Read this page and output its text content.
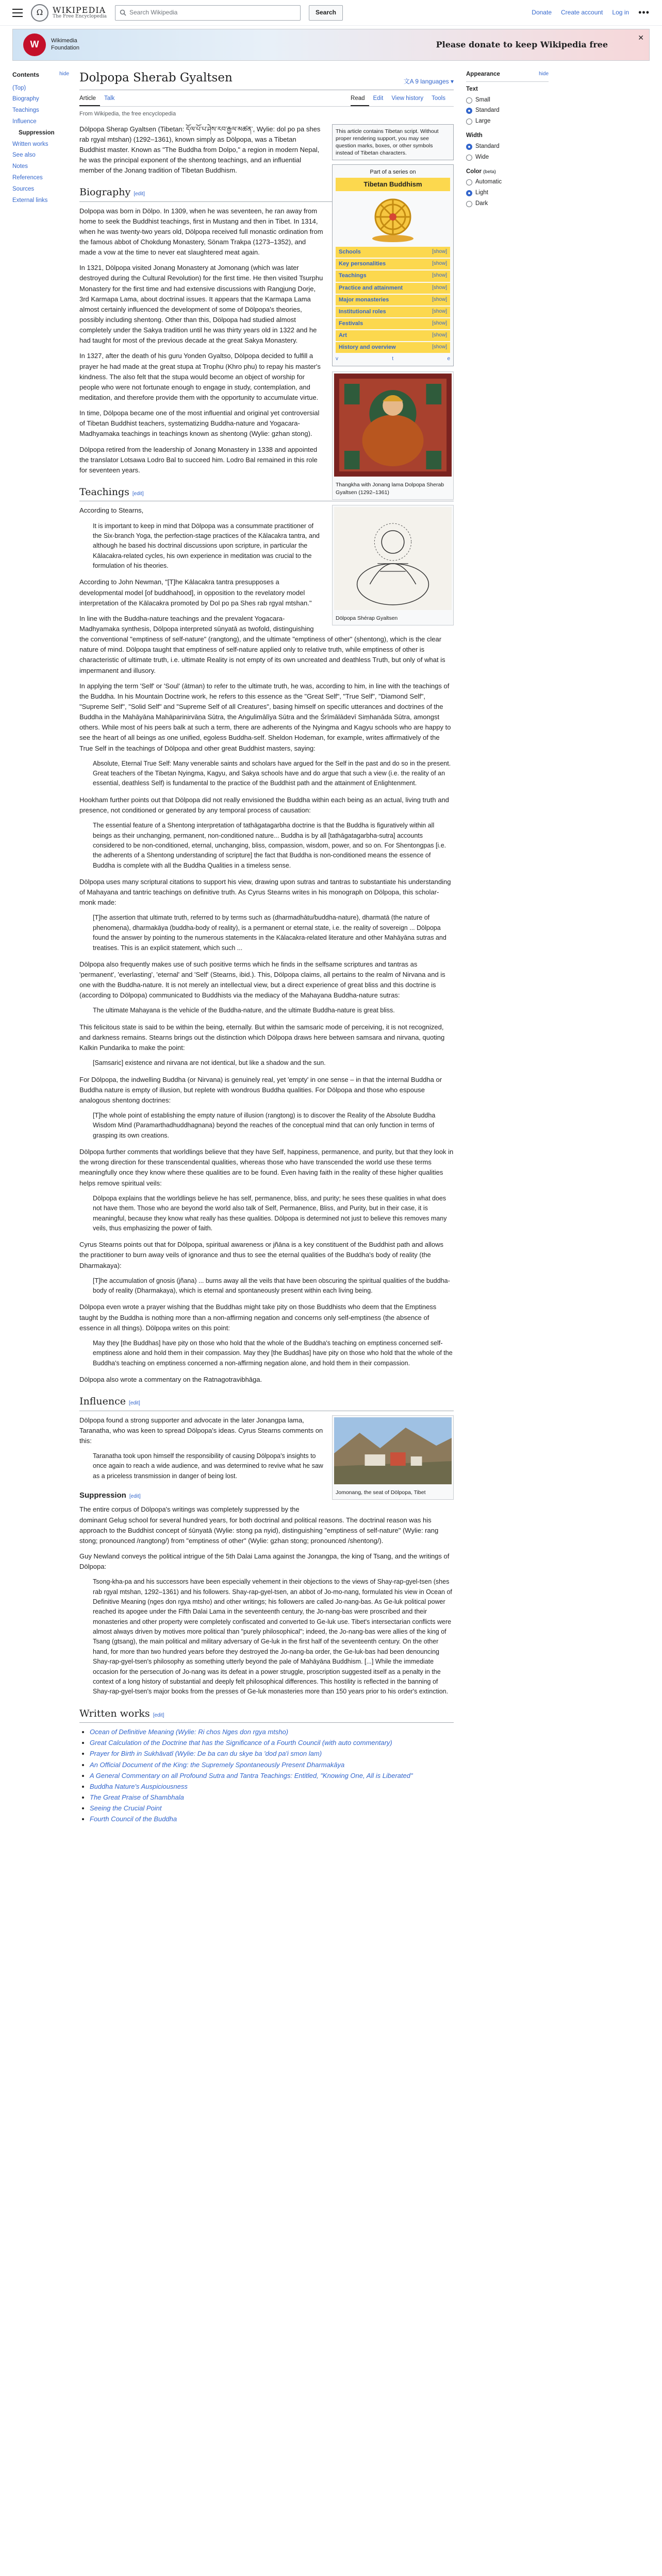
Ω	WIKIPEDIA
The Free Encyclopedia
Search Wikipedia	Search	Donate Create account Log in •••
W	Wikimedia
Foundation	Please donate to keep Wikipedia free
✕
Contents	hide
(Top)
Biography
Teachings
Influence
Suppression
Written works
See also
Notes
References
Sources
External links
Dolpopa Sherab Gyaltsen	文A 9 languages ▾
Article	Talk	Read	Edit	View history	Tools
From Wikipedia, the free encyclopedia
This article contains Tibetan script. Without proper rendering support, you may see question marks, boxes, or other symbols instead of Tibetan characters.
Part of a series on
Tibetan Buddhism
Schools	[show]
Key personalities	[show]
Teachings	[show]
Practice and attainment	[show]
Major monasteries	[show]
Institutional roles	[show]
Festivals	[show]
Art	[show]
History and overview	[show]
v	t	e
Thangkha with Jonang lama Dolpopa Sherab Gyaltsen (1292–1361)
Dölpopa Shérap Gyaltsen

Dölpopa Sherap Gyaltsen (Tibetan: དོལ་པོ་པ་ཤེས་རབ་རྒྱལ་མཚན་, Wylie: dol po pa shes rab rgyal mtshan) (1292–1361), known simply as Dölpopa, was a Tibetan Buddhist master. Known as "The Buddha from Dolpo," a region in modern Nepal, he was the principal exponent of the shentong teachings, and an influential member of the Jonang tradition of Tibetan Buddhism.

Biography [edit]

Dolpopa was born in Dölpo. In 1309, when he was seventeen, he ran away from home to seek the Buddhist teachings, first in Mustang and then in Tibet. In 1314, when he was twenty-two years old, Dölpopa received full monastic ordination from the famous abbot of Chokdung Monastery, Sönam Trakpa (1273–1352), and made a vow at the time to never eat slaughtered meat again.

In 1321, Dölpopa visited Jonang Monastery at Jomonang (which was later destroyed during the Cultural Revolution) for the first time. He then visited Tsurphu Monastery for the first time and had extensive discussions with Rangjung Dorje, 3rd Karmapa Lama, about doctrinal issues. It appears that the Karmapa Lama almost certainly influenced the development of some of Dölpopa's theories, possibly including shentong. Other than this, Dölpopa had studied almost completely under the Sakya tradition until he was thirty years old in 1322 and he had taught for most of the previous decade at the great Sakya Monastery.

In 1327, after the death of his guru Yonden Gyaltso, Dölpopa decided to fulfill a prayer he had made at the great stupa at Trophu (Khro phu) to repay his master's kindness. The also felt that the stupa would become an object of worship for people who were not fortunate enough to engage in study, contemplation, and meditation, and therefore provide them with the opportunity to accumulate virtue.

In time, Dölpopa became one of the most influential and original yet controversial of Tibetan Buddhist teachers, systematizing Buddha-nature and Yogacara-Madhyamaka teachings in teachings known as shentong (Wylie: gzhan stong).

Dölpopa retired from the leadership of Jonang Monastery in 1338 and appointed the translator Lotsawa Lodro Bal to succeed him. Lodro Bal remained in this role for seventeen years.

Teachings [edit]

According to Stearns,

It is important to keep in mind that Dölpopa was a consummate practitioner of the Six-branch Yoga, the perfection-stage practices of the Kālacakra tantra, and although he based his doctrinal discussions upon scripture, in particular the Kālacakra-related cycles, his own experience in meditation was crucial to the formulation of his theories.

According to John Newman, "[T]he Kālacakra tantra presupposes a developmental model [of buddhahood], in opposition to the revelatory model interpretation of the Kālacakra promoted by Dol po pa Shes rab rgyal mtshan."

In line with the Buddha-nature teachings and the prevalent Yogacara-Madhyamaka synthesis, Dölpopa interpreted sūnyatā as twofold, distinguishing the conventional "emptiness of self-nature" (rangtong), and the ultimate "emptiness of other" (shentong), which is the clear nature of mind. Dölpopa taught that emptiness of self-nature applied only to relative truth, while emptiness of other is characteristic of ultimate truth, i.e. ultimate Reality is not empty of its own uncreated and deathless Truth, but only of what is impermanent and illusory.

In applying the term 'Self' or 'Soul' (ātman) to refer to the ultimate truth, he was, according to him, in line with the teachings of the Buddha. In his Mountain Doctrine work, he refers to this essence as the "Great Self", "True Self", "Diamond Self", "Supreme Self", "Solid Self" and "Supreme Self of all Creatures", basing himself on specific utterances and doctrines of the Buddha in the Mahāyāna Mahāparinirvāṇa Sūtra, the Aṅgulimālīya Sūtra and the Śrīmālādevī Siṃhanāda Sūtra, amongst others. While most of his peers balk at such a term, there are adherents of the Nyingma and Kagyu schools who are happy to see the heart of all beings as one unified, egoless Buddha-self. Sheldon Hodeman, for example, writes affirmatively of the True Self in the teachings of Dölpopa and other great Buddhist masters, saying:

Absolute, Eternal True Self: Many venerable saints and scholars have argued for the Self in the past and do so in the present. Great teachers of the Tibetan Nyingma, Kagyu, and Sakya schools have and do argue that such a view (i.e. the reality of an essential, deathless Self) is fundamental to the practice of the Buddhist path and the attainment of Enlightenment.

Hookham further points out that Dölpopa did not really envisioned the Buddha within each being as an actual, living truth and presence, not conditioned or generated by any temporal process of causation:

The essential feature of a Shentong interpretation of tathāgatagarbha doctrine is that the Buddha is figuratively within all beings as their unchanging, permanent, non-conditioned nature... Buddha is by all [tathāgatagarbha-sutra] accounts considered to be non-conditioned, eternal, unchanging, bliss, compassion, wisdom, power, and so on. For Shentongpas [i.e. the adherents of a Shentong understanding of scripture] the fact that Buddha is non-conditioned means the essence of Buddha is complete with all the Buddha Qualities in a timeless sense.

Dölpopa uses many scriptural citations to support his view, drawing upon sutras and tantras to substantiate his understanding of Mahayana and tantric teachings on definitive truth. As Cyrus Stearns writes in his monograph on Dölpopa, this scholar-monk made:

[T]he assertion that ultimate truth, referred to by terms such as (dharmadhātu/buddha-nature), dharmatā (the nature of phenomena), dharmakāya (buddha-body of reality), is a permanent or eternal state, i.e. the reality of sovereign ... Dölpopa found the answer by pointing to the numerous statements in the Kālacakra-related literature and other Mahāyāna sutras and treatises. This is an explicit statement, which such ...

Dölpopa also frequently makes use of such positive terms which he finds in the selfsame scriptures and tantras as 'permanent', 'everlasting', 'eternal' and 'Self' (Stearns, ibid.). This, Dölpopa claims, all pertains to the realm of Nirvana and is one with the Buddha-nature. It is not merely an intellectual view, but a direct experience of great bliss and this doctrine is (according to Dölpopa) communicated to Buddhists via the mediacy of the Mahayana Buddha-nature sutras:

The ultimate Mahayana is the vehicle of the Buddha-nature, and the ultimate Buddha-nature is great bliss.

This felicitous state is said to be within the being, eternally. But within the samsaric mode of perceiving, it is not recognized, and darkness remains. Stearns brings out the distinction which Dölpopa draws here between samsara and nirvana, quoting Kalkin Pundarika to make the point:

[Samsaric] existence and nirvana are not identical, but like a shadow and the sun.

For Dölpopa, the indwelling Buddha (or Nirvana) is genuinely real, yet 'empty' in one sense – in that the internal Buddha or Buddha nature is empty of illusion, but replete with wondrous Buddha qualities. For Dölpopa and those who espouse analogous shentong doctrines:

[T]he whole point of establishing the empty nature of illusion (rangtong) is to discover the Reality of the Absolute Buddha Wisdom Mind (Paramarthadhuddhagnana) beyond the reaches of the conceptual mind that can only function in terms of grasping its own creations.

Dölpopa further comments that worldlings believe that they have Self, happiness, permanence, and purity, but that they look in the wrong direction for these transcendental qualities, whereas those who have transcended the world use these terms meaningfully once they know where these qualities are to be found. Even having faith in the reality of these higher qualities helps remove spiritual veils:

Dölpopa explains that the worldlings believe he has self, permanence, bliss, and purity; he sees these qualities in what does not have them. Those who are beyond the world also talk of Self, Permanence, Bliss, and Purity, but in their case, it is meaningful, because they know what really has these qualities. Dölpopa is determined not just to believe this removes many veils, thus emphasizing the power of faith.

Cyrus Stearns points out that for Dölpopa, spiritual awareness or jñāna is a key constituent of the Buddhist path and allows the practitioner to burn away veils of ignorance and thus to see the eternal qualities of the Buddha's body of reality (the Dharmakaya):

[T]he accumulation of gnosis (jñana) ... burns away all the veils that have been obscuring the spiritual qualities of the buddha-body of reality (Dharmakaya), which is eternal and spontaneously present within each living being.

Dölpopa even wrote a prayer wishing that the Buddhas might take pity on those Buddhists who deem that the Emptiness taught by the Buddha is nothing more than a non-affirming negation and concerns only self-emptiness (the absence of essence in all things). Dölpopa writes on this point:

May they [the Buddhas] have pity on those who hold that the whole of the Buddha's teaching on emptiness concerned self-emptiness alone and hold them in their compassion. May they [the Buddhas] have pity on those who hold that the whole of the Buddha's teaching on emptiness concerned a non-affirming negation alone, and hold them in their compassion.

Dölpopa also wrote a commentary on the Ratnagotravibhāga.

Influence [edit]
Jomonang, the seat of Dölpopa, Tibet

Dölpopa found a strong supporter and advocate in the later Jonangpa lama, Taranatha, who was keen to spread Dölpopa's ideas. Cyrus Stearns comments on this:

Taranatha took upon himself the responsibility of causing Dölpopa's insights to once again to reach a wide audience, and was determined to revive what he saw as a priceless transmission in danger of being lost.
Suppression [edit]

The entire corpus of Dölpopa's writings was completely suppressed by the dominant Gelug school for several hundred years, for both doctrinal and political reasons. The doctrinal reason was his approach to the Buddhist concept of śūnyatā (Wylie: stong pa nyid), distinguishing "emptiness of self-nature" (Wylie: rang stong; pronounced /rangtong/) from "emptiness of other" (Wylie: gzhan stong; pronounced /shentong/).

Guy Newland conveys the political intrigue of the 5th Dalai Lama against the Jonangpa, the king of Tsang, and the writings of Dölpopa:

Tsong-kha-pa and his successors have been especially vehement in their objections to the views of Shay-rap-gyel-tsen (shes rab rgyal mtshan, 1292–1361) and his followers. Shay-rap-gyel-tsen, an abbot of Jo-mo-nang, formulated his view in Ocean of Definitive Meaning (nges don rgya mtsho) and other writings; his followers are called Jo-nang-bas. As Ge-luk political power reached its apogee under the Fifth Dalai Lama in the seventeenth century, the Jo-nang-bas were proscribed and their monasteries and other property were completely confiscated and converted to Ge-luk use. Tibet's intersectarian conflicts were almost always driven by motives more political than "purely philosophical"; indeed, the Jo-nang-bas were allies of the king of Tsang (gtsang), the main political and military adversary of Ge-luk in the first half of the seventeenth century. On the other hand, for more than two hundred years before they destroyed the Jo-nang-ba order, the Ge-luk-bas had been denouncing Shay-rap-gyel-tsen's philosophy as something utterly beyond the pale of Mahāyāna Buddhism. [...] While the immediate occasion for the persecution of Jo-nang was its defeat in a power struggle, proscription suggested itself as a penalty in the context of a long history of substantial and deeply felt philosophical differences. This hostility is reflected in the banning of Shay-rap-gyel-tsen's major books from the presses of Ge-luk monasteries more than 150 years prior to his order's extinction.
Written works [edit]
• Ocean of Definitive Meaning (Wylie: Ri chos Nges don rgya mtsho)
• Great Calculation of the Doctrine that has the Significance of a Fourth Council (with auto commentary)
• Prayer for Birth in Sukhāvatī (Wylie: De ba can du skye ba 'dod pa'i smon lam)
• An Official Document of the King: the Supremely Spontaneously Present Dharmakāya
• A General Commentary on all Profound Sutra and Tantra Teachings: Entitled, "Knowing One, All is Liberated"
• Buddha Nature's Auspiciousness
• The Great Praise of Shambhala
• Seeing the Crucial Point
• Fourth Council of the Buddha
Appearance	hide
Text
Small
Standard
Large
Width
Standard
Wide
Color (beta)
Automatic
Light
Dark
